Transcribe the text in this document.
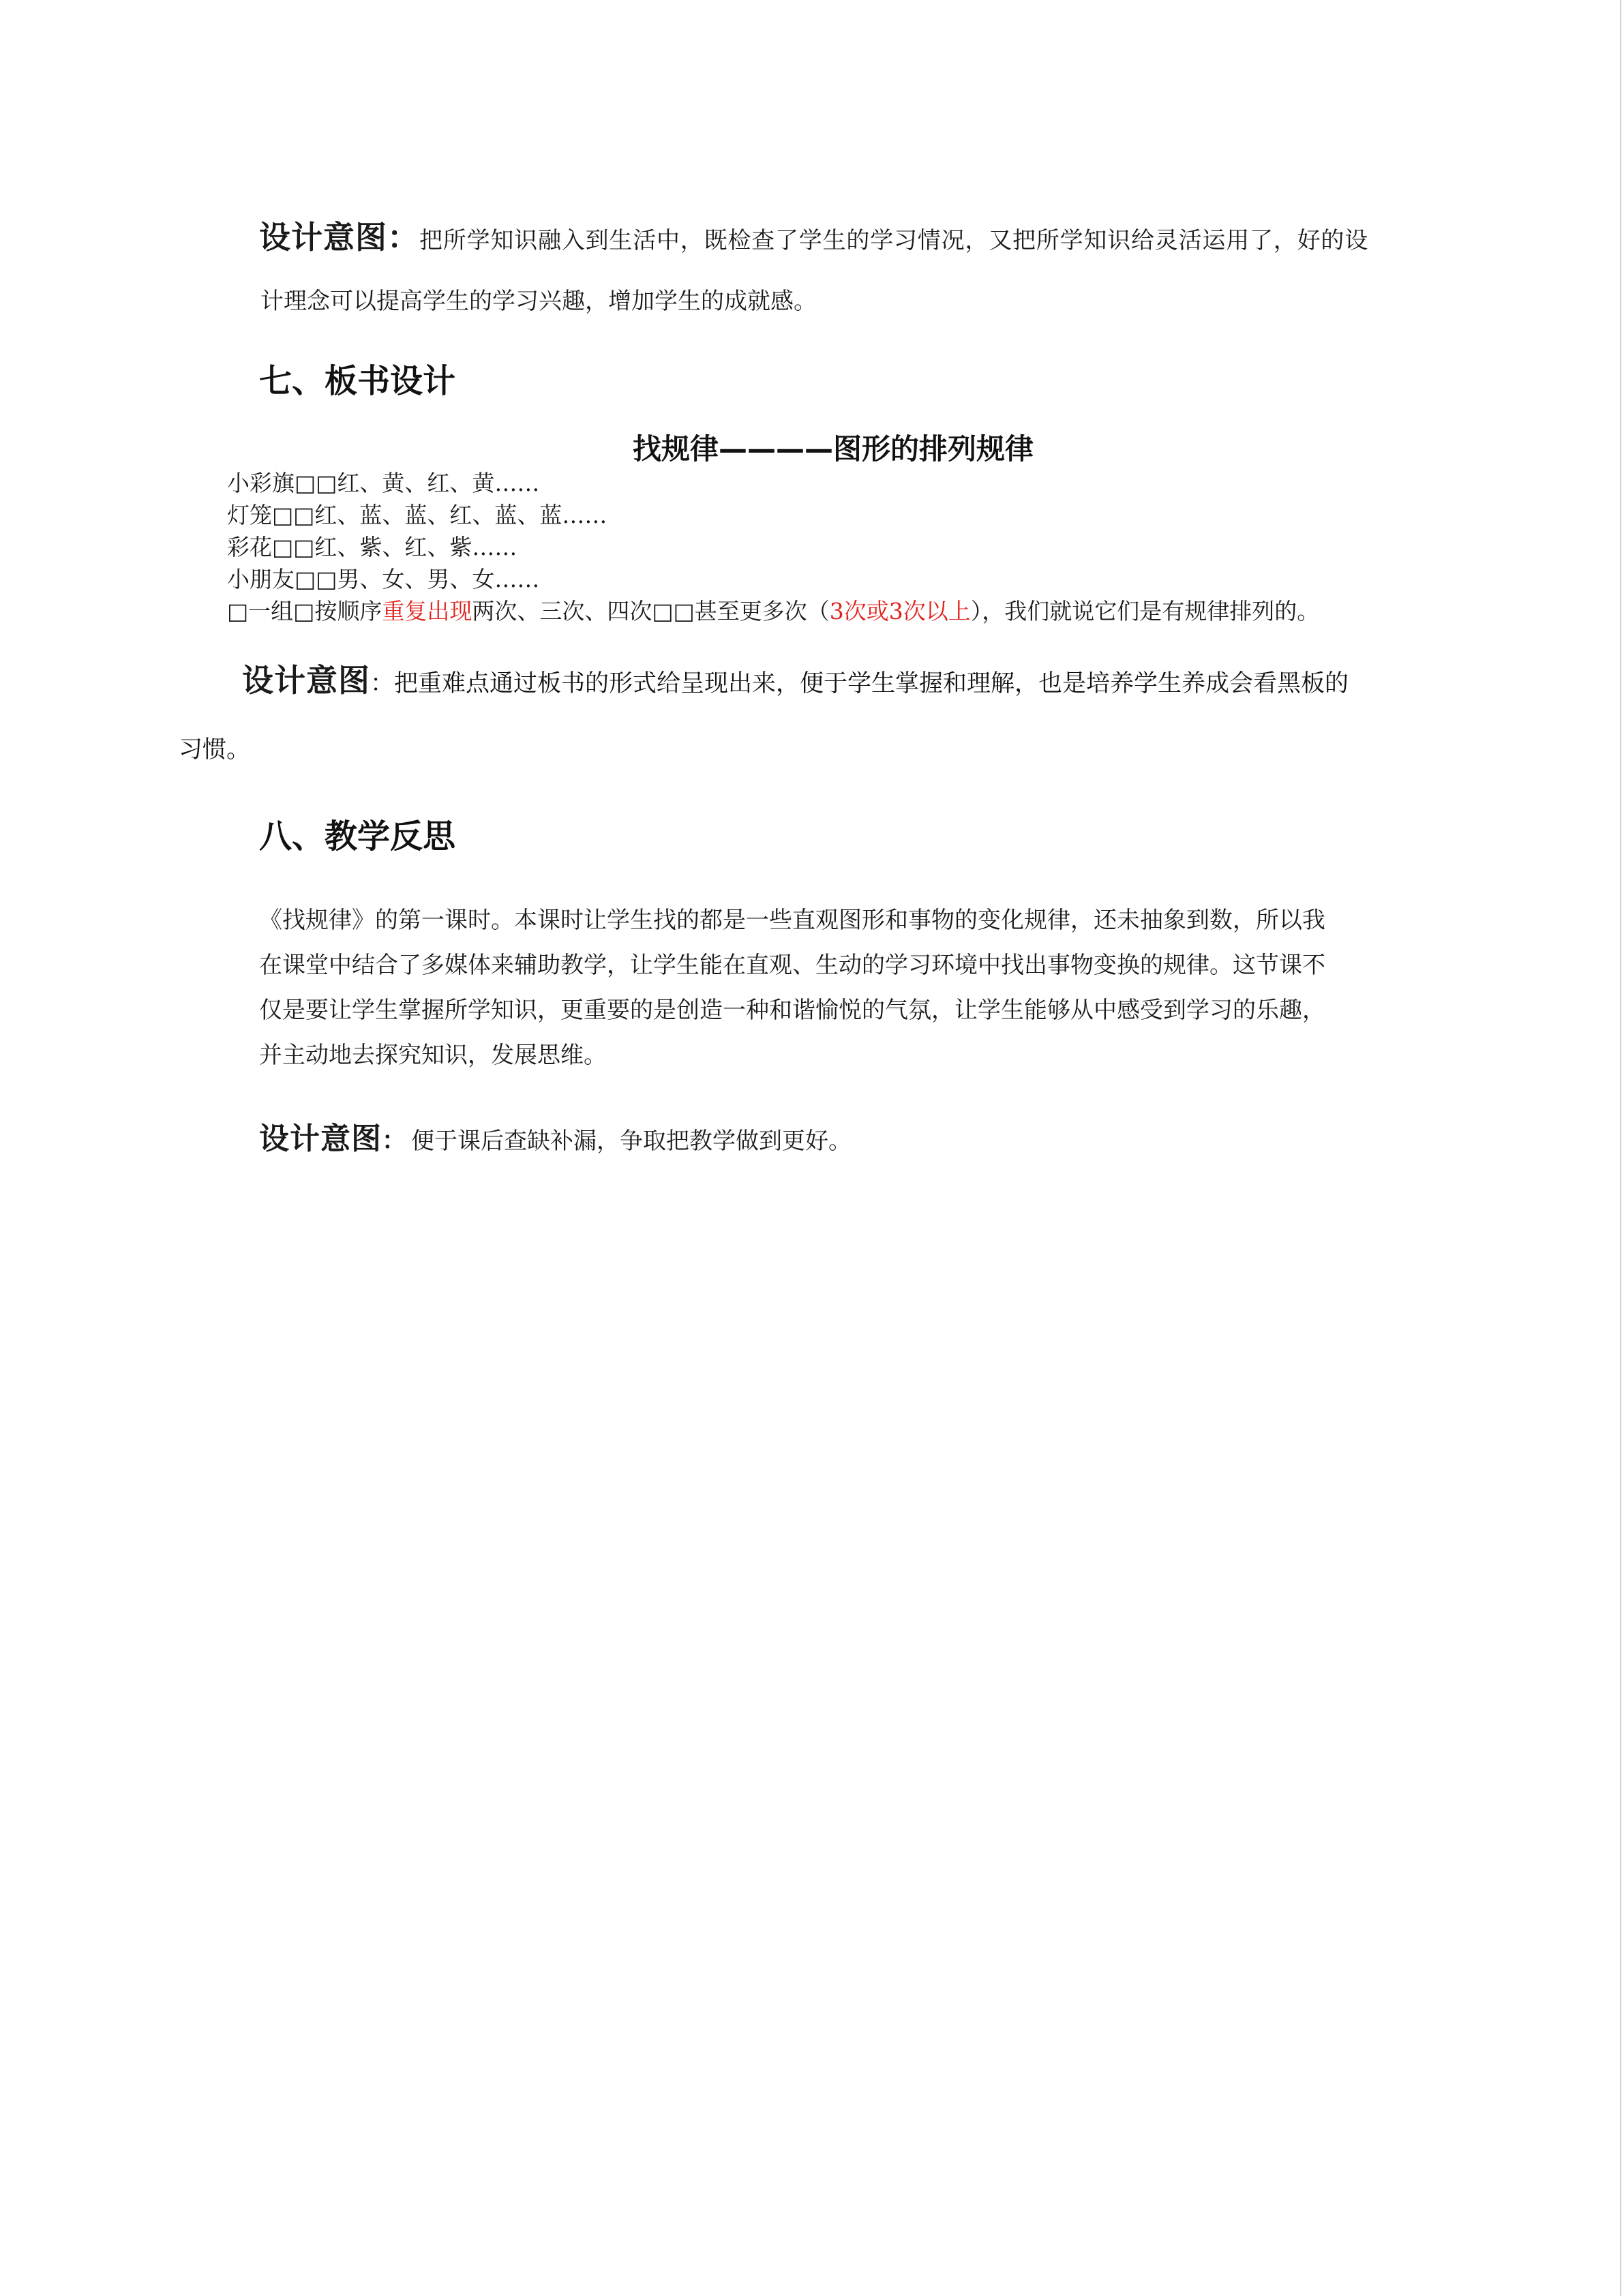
设计意图：把所学知识融入到生活中，既检查了学生的学习情况，又把所学知识给灵活运用了，好的设
计理念可以提高学生的学习兴趣，增加学生的成就感。
七、板书设计
找规律————图形的排列规律
小彩旗□□红、黄、红、黄……
灯笼□□红、蓝、蓝、红、蓝、蓝……
彩花□□红、紫、红、紫……
小朋友□□男、女、男、女……
□一组□按顺序重复出现两次、三次、四次□□甚至更多次（3次或3次以上），我们就说它们是有规律排列的。
设计意图：把重难点通过板书的形式给呈现出来，便于学生掌握和理解，也是培养学生养成会看黑板的
习惯。
八、教学反思
《找规律》的第一课时。本课时让学生找的都是一些直观图形和事物的变化规律，还未抽象到数，所以我
在课堂中结合了多媒体来辅助教学，让学生能在直观、生动的学习环境中找出事物变换的规律。这节课不
仅是要让学生掌握所学知识，更重要的是创造一种和谐愉悦的气氛，让学生能够从中感受到学习的乐趣，
并主动地去探究知识，发展思维。
设计意图： 便于课后查缺补漏，争取把教学做到更好。
